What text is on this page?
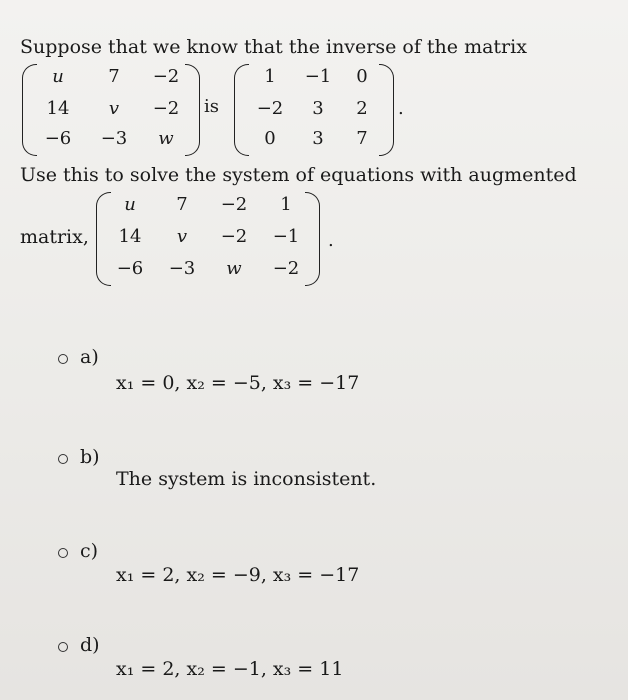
Suppose that we know that the inverse of the matrix
u	7	−2
14	v	−2
−6	−3	w
is
1	−1	0
−2	3	2
0	3	7
.
Use this to solve the system of equations with augmented
matrix,
u	7	−2	1
14	v	−2	−1
−6	−3	w	−2
.
a)
x₁ = 0, x₂ = −5, x₃ = −17
b)
The system is inconsistent.
c)
x₁ = 2, x₂ = −9, x₃ = −17
d)
x₁ = 2, x₂ = −1, x₃ = 11
